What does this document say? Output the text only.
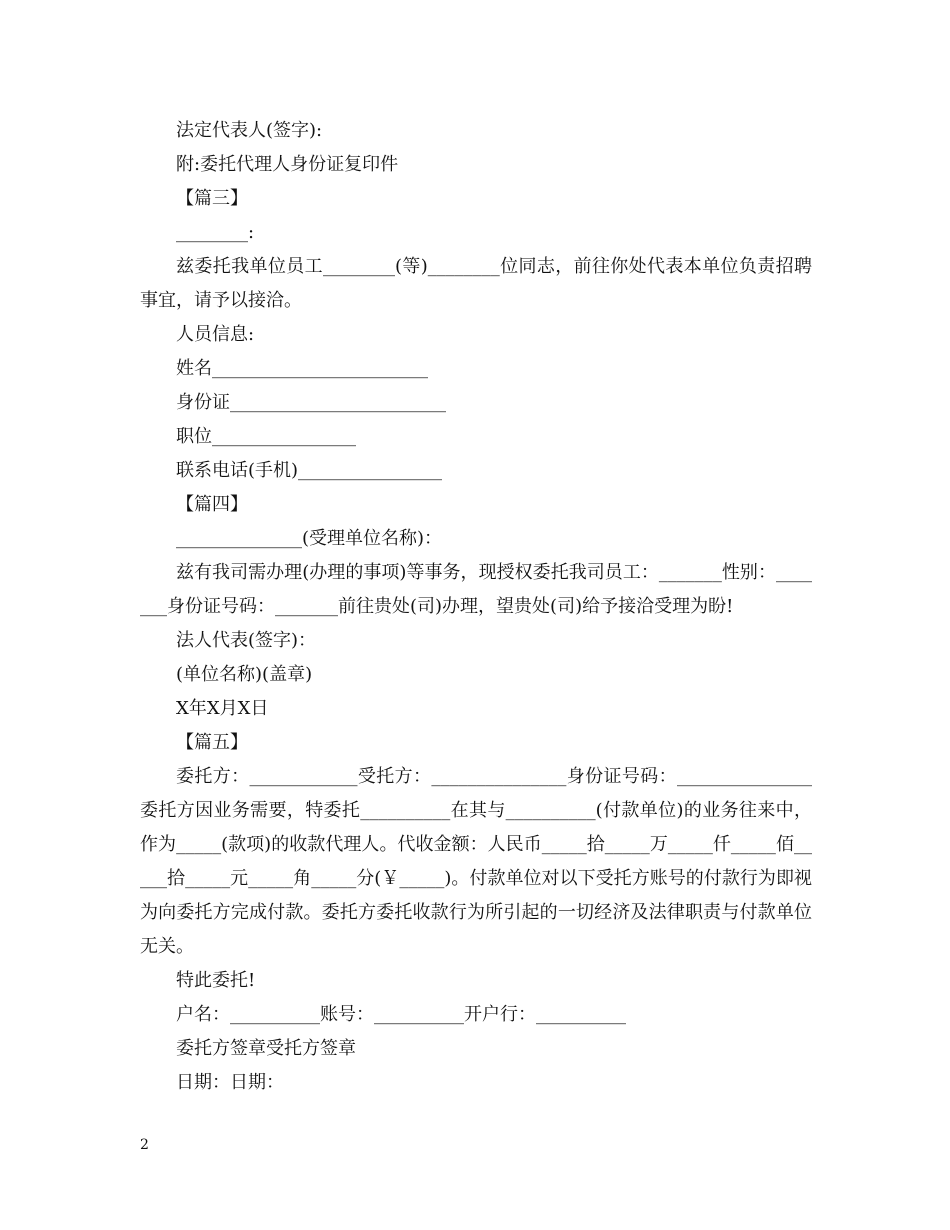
法定代表人(签字):

附:委托代理人身份证复印件

【篇三】

________:

兹委托我单位员工________(等)________位同志，前往你处代表本单位负责招聘事宜，请予以接洽。

人员信息:

姓名________________________

身份证________________________

职位________________

联系电话(手机)________________

【篇四】

______________(受理单位名称)：

兹有我司需办理(办理的事项)等事务，现授权委托我司员工：_______性别：_______身份证号码：_______前往贵处(司)办理，望贵处(司)给予接洽受理为盼!

法人代表(签字)：

(单位名称)(盖章)

X年X月X日

【篇五】

委托方：____________受托方：_______________身份证号码：_______________委托方因业务需要，特委托__________在其与__________(付款单位)的业务往来中，作为_____(款项)的收款代理人。代收金额：人民币_____拾_____万_____仟_____佰_____拾_____元_____角_____分(￥_____)。付款单位对以下受托方账号的付款行为即视为向委托方完成付款。委托方委托收款行为所引起的一切经济及法律职责与付款单位无关。

特此委托!

户名：__________账号：__________开户行：__________

委托方签章受托方签章

日期：日期：

2
